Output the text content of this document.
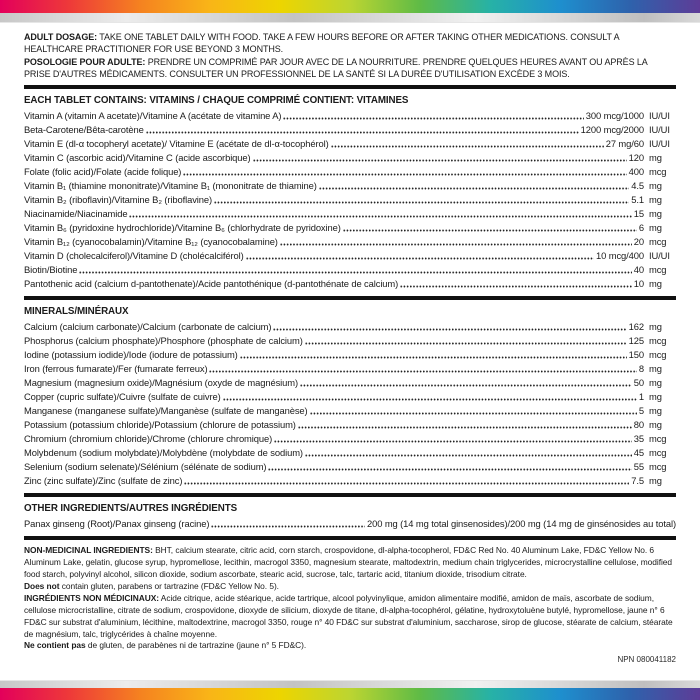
ADULT DOSAGE: TAKE ONE TABLET DAILY WITH FOOD. TAKE A FEW HOURS BEFORE OR AFTER TAKING OTHER MEDICATIONS. CONSULT A HEALTHCARE PRACTITIONER FOR USE BEYOND 3 MONTHS.
POSOLOGIE POUR ADULTE: PRENDRE UN COMPRIMÉ PAR JOUR AVEC DE LA NOURRITURE. PRENDRE QUELQUES HEURES AVANT OU APRÈS LA PRISE D'AUTRES MÉDICAMENTS. CONSULTER UN PROFESSIONNEL DE LA SANTÉ SI LA DURÉE D'UTILISATION EXCÈDE 3 MOIS.
EACH TABLET CONTAINS: VITAMINS / CHAQUE COMPRIMÉ CONTIENT: VITAMINES
Vitamin A (vitamin A acetate)/Vitamine A (acétate de vitamine A)	300 mcg/1000 IU/UI
Beta-Carotene/Bêta-carotène	1200 mcg/2000 IU/UI
Vitamin E (dl-α tocopheryl acetate)/ Vitamine E (acétate de dl-α-tocophérol)	27 mg/60 IU/UI
Vitamin C (ascorbic acid)/Vitamine C (acide ascorbique)	120 mg
Folate (folic acid)/Folate (acide folique)	400 mcg
Vitamin B₁ (thiamine mononitrate)/Vitamine B₁ (mononitrate de thiamine)	4.5 mg
Vitamin B₂ (riboflavin)/Vitamine B₂ (riboflavine)	5.1 mg
Niacinamide/Niacinamide	15 mg
Vitamin B₆ (pyridoxine hydrochloride)/Vitamine B₆ (chlorhydrate de pyridoxine)	6 mg
Vitamin B₁₂ (cyanocobalamin)/Vitamine B₁₂ (cyanocobalamine)	20 mcg
Vitamin D (cholecalciferol)/Vitamine D (cholécalciférol)	10 mcg/400 IU/UI
Biotin/Biotine	40 mcg
Pantothenic acid (calcium d-pantothenate)/Acide pantothénique (d-pantothénate de calcium)	10 mg
MINERALS/MINÉRAUX
Calcium (calcium carbonate)/Calcium (carbonate de calcium)	162 mg
Phosphorus (calcium phosphate)/Phosphore (phosphate de calcium)	125 mcg
Iodine (potassium iodide)/Iode (iodure de potassium)	150 mcg
Iron (ferrous fumarate)/Fer (fumarate ferreux)	8 mg
Magnesium (magnesium oxide)/Magnésium (oxyde de magnésium)	50 mg
Copper (cupric sulfate)/Cuivre (sulfate de cuivre)	1 mg
Manganese (manganese sulfate)/Manganèse (sulfate de manganèse)	5 mg
Potassium (potassium chloride)/Potassium (chlorure de potassium)	80 mg
Chromium (chromium chloride)/Chrome (chlorure chromique)	35 mcg
Molybdenum (sodium molybdate)/Molybdène (molybdate de sodium)	45 mcg
Selenium (sodium selenate)/Sélénium (sélénate de sodium)	55 mcg
Zinc (zinc sulfate)/Zinc (sulfate de zinc)	7.5 mg
OTHER INGREDIENTS/AUTRES INGRÉDIENTS
Panax ginseng (Root)/Panax ginseng (racine)	200 mg (14 mg total ginsenosides)/200 mg (14 mg de ginsénosides au total)

NON-MEDICINAL INGREDIENTS: BHT, calcium stearate, citric acid, corn starch, crospovidone, dl-alpha-tocopherol, FD&C Red No. 40 Aluminum Lake, FD&C Yellow No. 6 Aluminum Lake, gelatin, glucose syrup, hypromellose, lecithin, macrogol 3350, magnesium stearate, maltodextrin, medium chain triglycerides, microcrystalline cellulose, modified food starch, polyvinyl alcohol, silicon dioxide, sodium ascorbate, stearic acid, sucrose, talc, tartaric acid, titanium dioxide, trisodium citrate.

Does not contain gluten, parabens or tartrazine (FD&C Yellow No. 5).

INGRÉDIENTS NON MÉDICINAUX: Acide citrique, acide stéarique, acide tartrique, alcool polyvinylique, amidon alimentaire modifié, amidon de maïs, ascorbate de sodium, cellulose microcristalline, citrate de sodium, crospovidone, dioxyde de silicium, dioxyde de titane, dl-alpha-tocophérol, gélatine, hydroxytoluène butylé, hypromellose, jaune n° 6 FD&C sur substrat d'aluminium, lécithine, maltodextrine, macrogol 3350, rouge n° 40 FD&C sur substrat d'aluminium, saccharose, sirop de glucose, stéarate de calcium, stéarate de magnésium, talc, triglycérides à chaîne moyenne.

Ne contient pas de gluten, de parabènes ni de tartrazine (jaune n° 5 FD&C).

NPN 080041182
